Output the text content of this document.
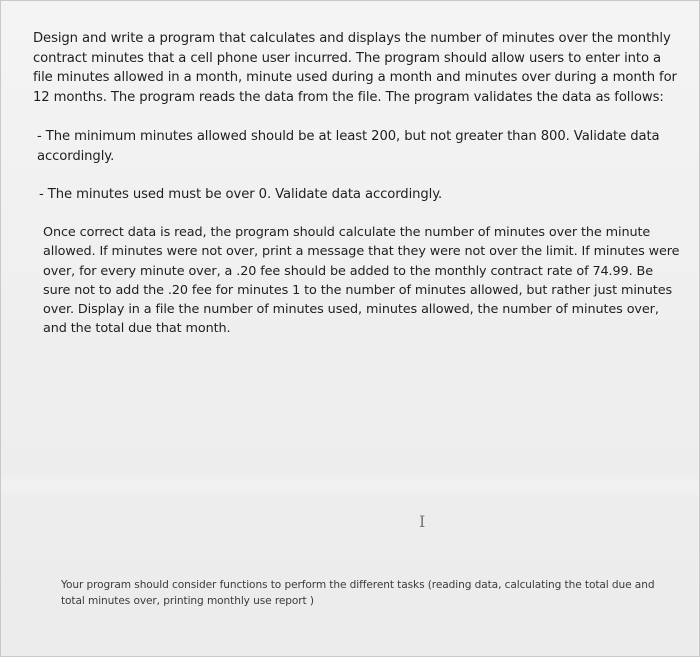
Design and write a program that calculates and displays the number of minutes over the monthly contract minutes that a cell phone user incurred. The program should allow users to enter into a file minutes allowed in a month, minute used during a month and minutes over during a month for 12 months. The program reads the data from the file. The program validates the data as follows:

- The minimum minutes allowed should be at least 200, but not greater than 800. Validate data accordingly.

- The minutes used must be over 0. Validate data accordingly.

Once correct data is read, the program should calculate the number of minutes over the minute allowed. If minutes were not over, print a message that they were not over the limit. If minutes were over, for every minute over, a .20 fee should be added to the monthly contract rate of 74.99. Be sure not to add the .20 fee for minutes 1 to the number of minutes allowed, but rather just minutes over. Display in a file the number of minutes used, minutes allowed, the number of minutes over, and the total due that month.

I

Your program should consider functions to perform the different tasks (reading data, calculating the total due and total minutes over, printing monthly use report )
